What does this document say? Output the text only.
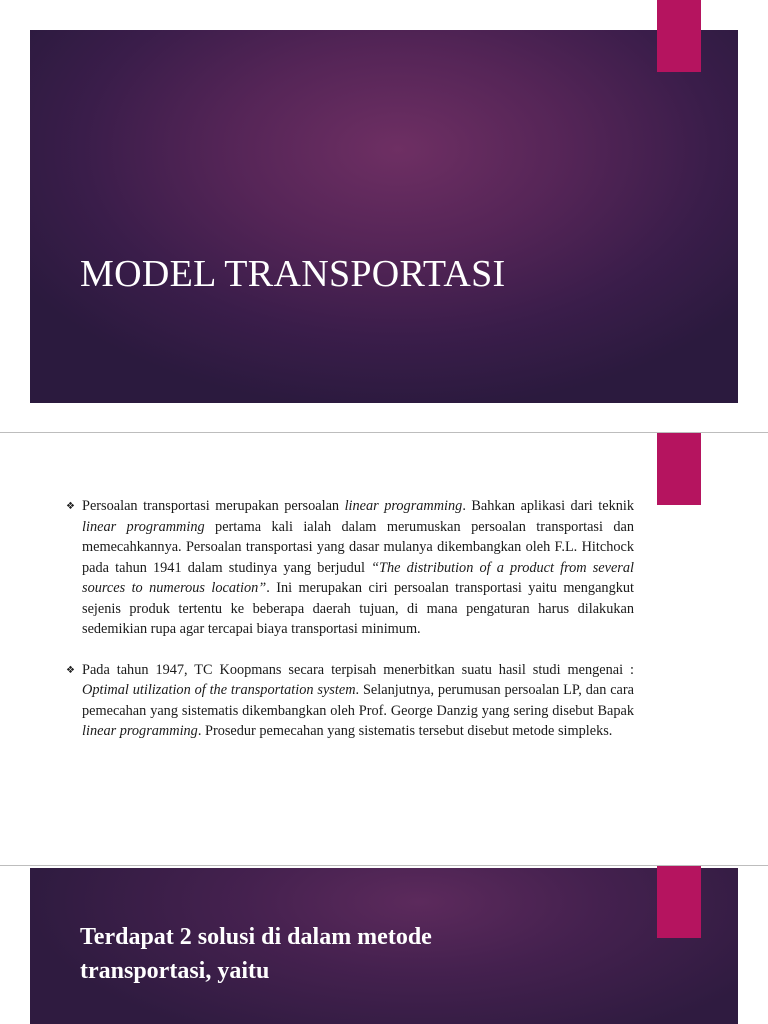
MODEL TRANSPORTASI
❖ Persoalan transportasi merupakan persoalan linear programming. Bahkan aplikasi dari teknik linear programming pertama kali ialah dalam merumuskan persoalan transportasi dan memecahkannya. Persoalan transportasi yang dasar mulanya dikembangkan oleh F.L. Hitchock pada tahun 1941 dalam studinya yang berjudul “The distribution of a product from several sources to numerous location”. Ini merupakan ciri persoalan transportasi yaitu mengangkut sejenis produk tertentu ke beberapa daerah tujuan, di mana pengaturan harus dilakukan sedemikian rupa agar tercapai biaya transportasi minimum.

❖ Pada tahun 1947, TC Koopmans secara terpisah menerbitkan suatu hasil studi mengenai : Optimal utilization of the transportation system. Selanjutnya, perumusan persoalan LP, dan cara pemecahan yang sistematis dikembangkan oleh Prof. George Danzig yang sering disebut Bapak linear programming. Prosedur pemecahan yang sistematis tersebut disebut metode simpleks.

Terdapat 2 solusi di dalam metode transportasi, yaitu
